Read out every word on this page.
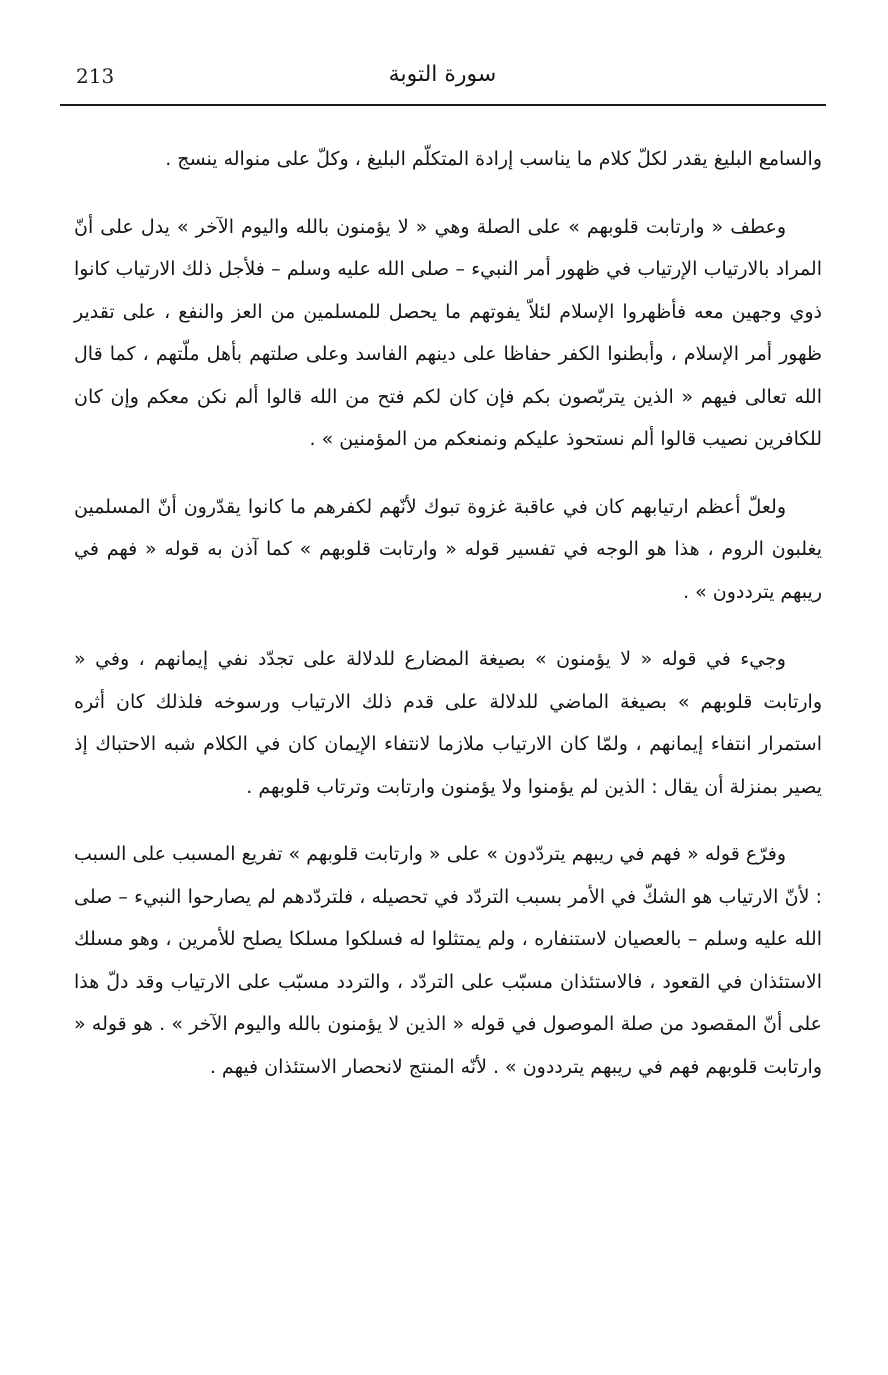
213	سورة التوبة

والسامع البليغ يقدر لكلّ كلام ما يناسب إرادة المتكلّم البليغ ، وكلّ على منواله ينسج .

وعطف « وارتابت قلوبهم » على الصلة وهي « لا يؤمنون بالله واليوم الآخر » يدل على أنّ المراد بالارتياب الإرتياب في ظهور أمر النبيء – صلى الله عليه وسلم – فلأجل ذلك الارتياب كانوا ذوي وجهين معه فأظهروا الإسلام لئلاّ يفوتهم ما يحصل للمسلمين من العز والنفع ، على تقدير ظهور أمر الإسلام ، وأبطنوا الكفر حفاظا على دينهم الفاسد وعلى صلتهم بأهل ملّتهم ، كما قال الله تعالى فيهم « الذين يتربّصون بكم فإن كان لكم فتح من الله قالوا ألم نكن معكم وإن كان للكافرين نصيب قالوا ألم نستحوذ عليكم ونمنعكم من المؤمنين » .

ولعلّ أعظم ارتيابهم كان في عاقبة غزوة تبوك لأنّهم لكفرهم ما كانوا يقدّرون أنّ المسلمين يغلبون الروم ، هذا هو الوجه في تفسير قوله « وارتابت قلوبهم » كما آذن به قوله « فهم في ريبهم يترددون » .

وجيء في قوله « لا يؤمنون » بصيغة المضارع للدلالة على تجدّد نفي إيمانهم ، وفي « وارتابت قلوبهم » بصيغة الماضي للدلالة على قدم ذلك الارتياب ورسوخه فلذلك كان أثره استمرار انتفاء إيمانهم ، ولمّا كان الارتياب ملازما لانتفاء الإيمان كان في الكلام شبه الاحتباك إذ يصير بمنزلة أن يقال : الذين لم يؤمنوا ولا يؤمنون وارتابت وترتاب قلوبهم .

وفرّع قوله « فهم في ريبهم يتردّدون » على « وارتابت قلوبهم » تفريع المسبب على السبب : لأنّ الارتياب هو الشكّ في الأمر بسبب التردّد في تحصيله ، فلتردّدهم لم يصارحوا النبيء – صلى الله عليه وسلم – بالعصيان لاستنفاره ، ولم يمتثلوا له فسلكوا مسلكا يصلح للأمرين ، وهو مسلك الاستئذان في القعود ، فالاستئذان مسبّب على التردّد ، والتردد مسبّب على الارتياب وقد دلّ هذا على أنّ المقصود من صلة الموصول في قوله « الذين لا يؤمنون بالله واليوم الآخر » . هو قوله « وارتابت قلوبهم فهم في ريبهم يترددون » . لأنّه المنتج لانحصار الاستئذان فيهم .
